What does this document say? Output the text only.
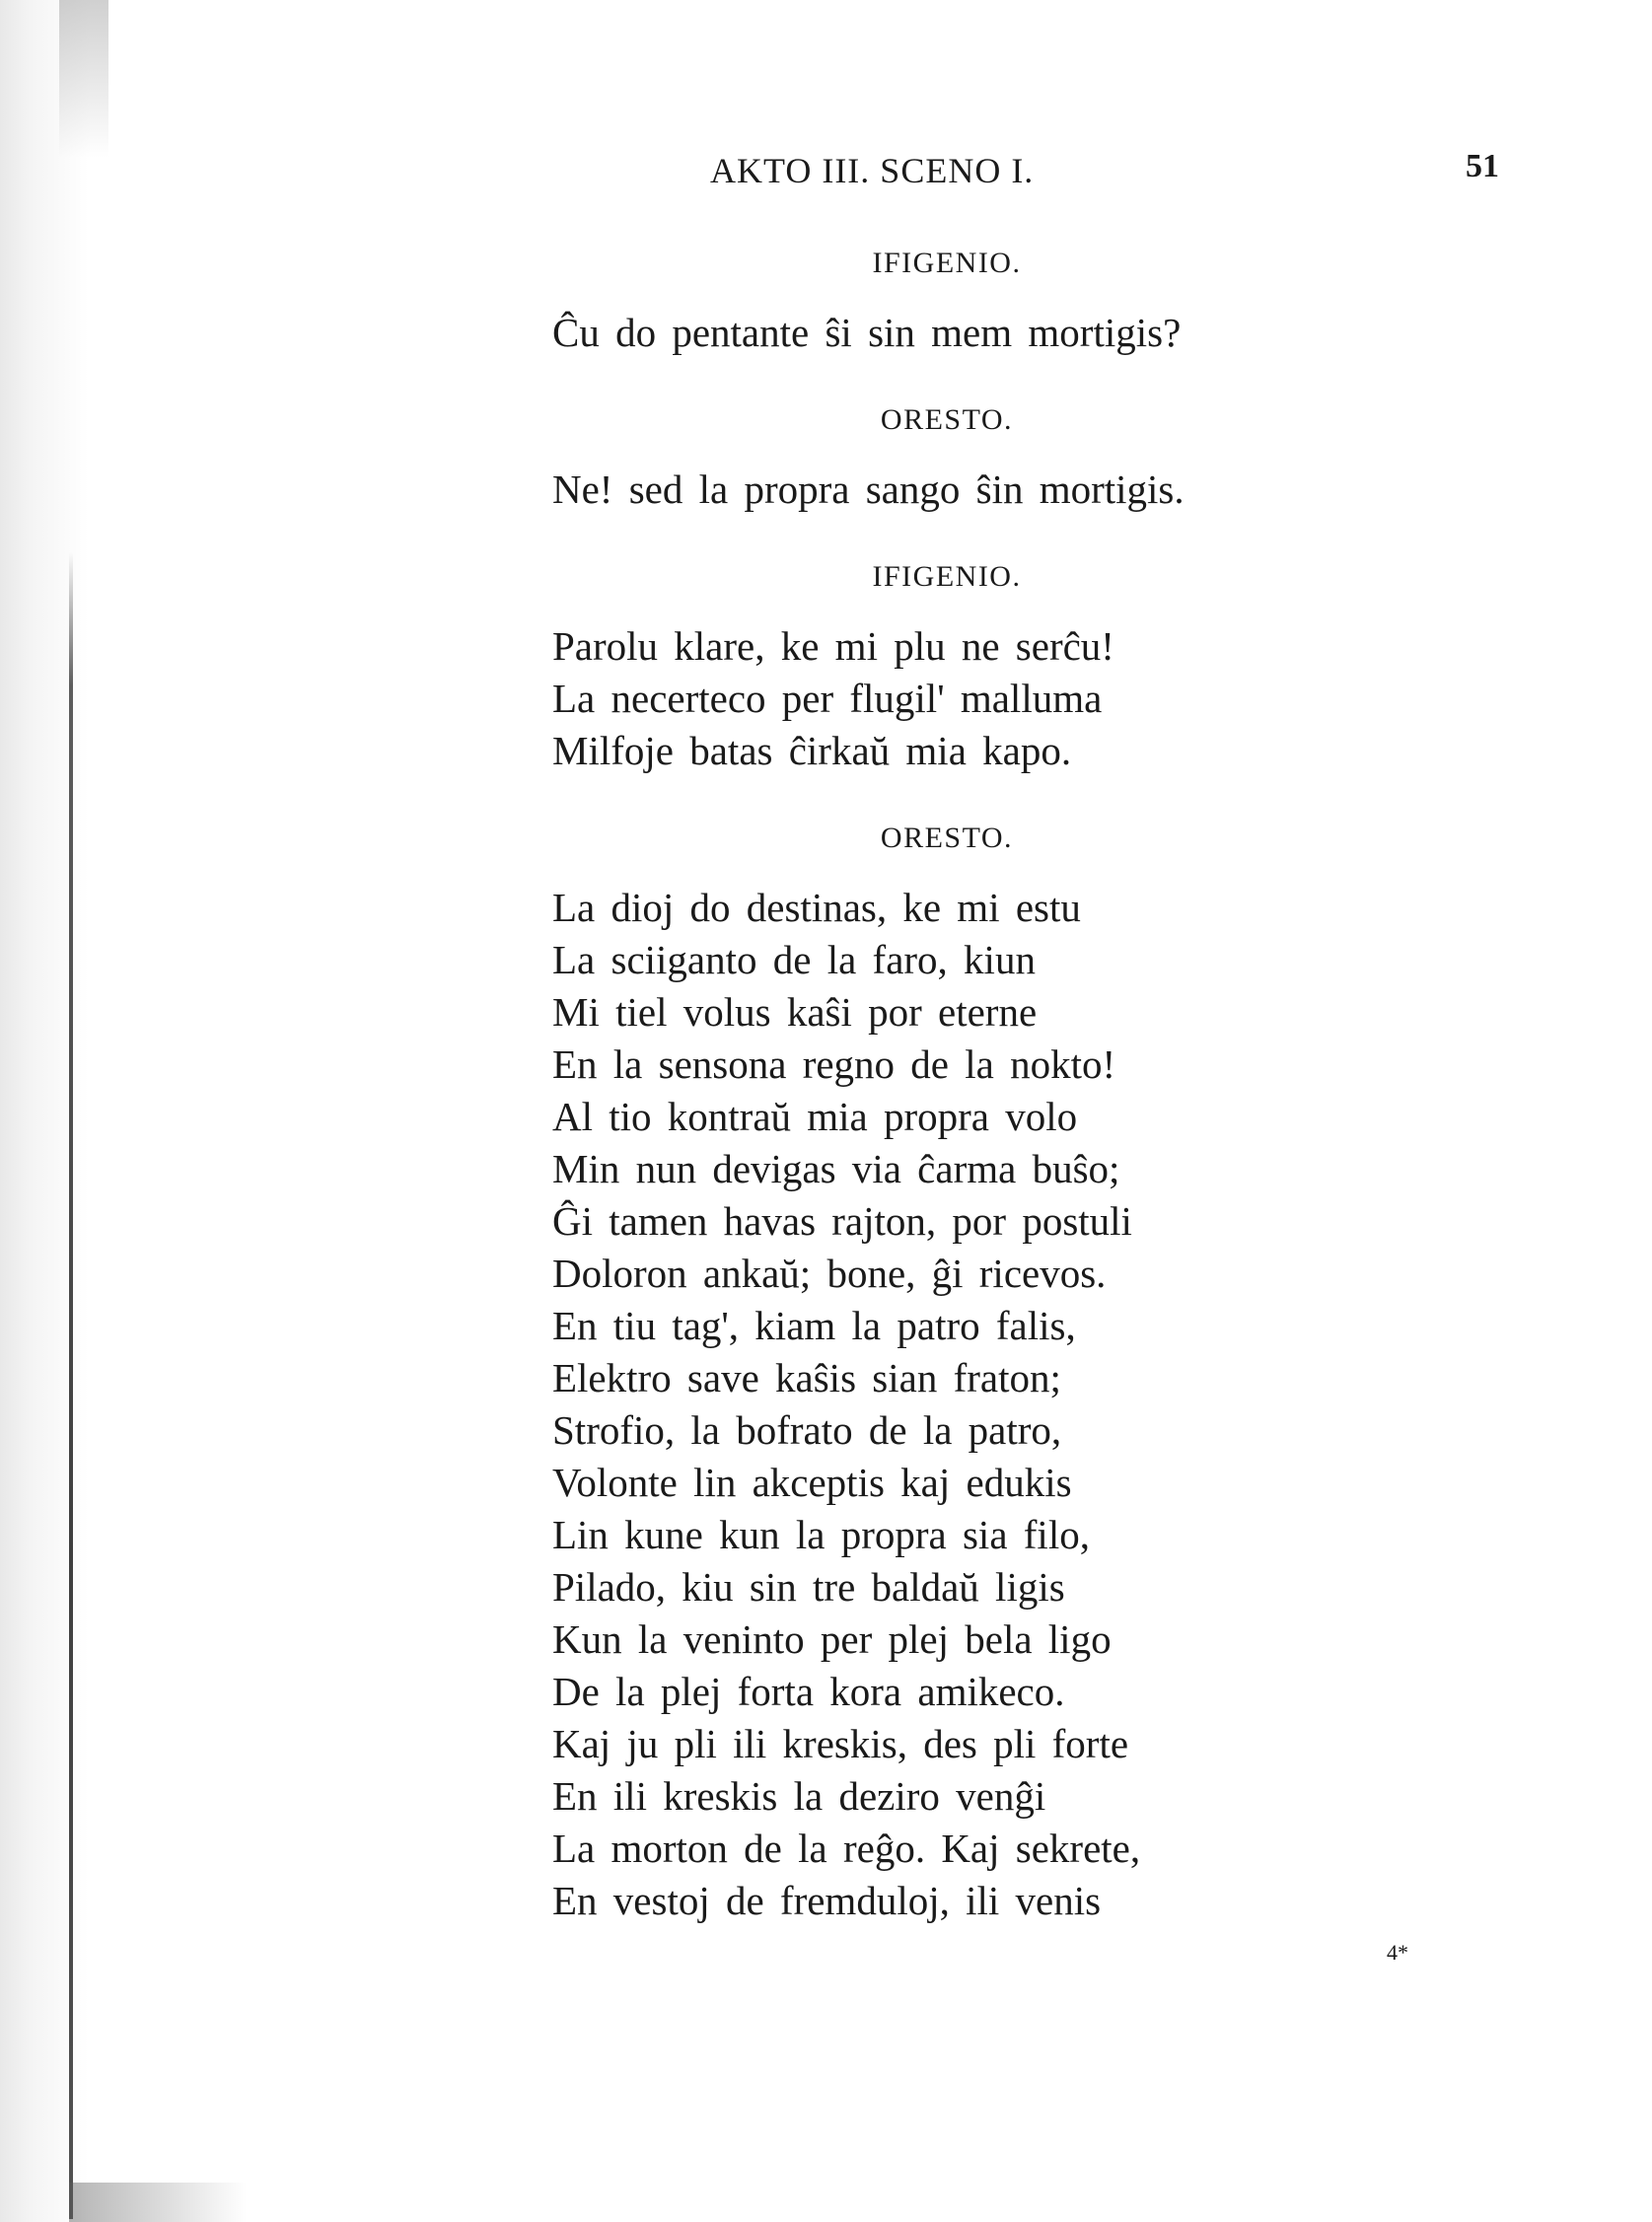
AKTO III. SCENO I.	51

IFIGENIO.

Ĉu do pentante ŝi sin mem mortigis?

ORESTO.

Ne! sed la propra sango ŝin mortigis.

IFIGENIO.

Parolu klare, ke mi plu ne serĉu!

La necerteco per flugil' malluma

Milfoje batas ĉirkaŭ mia kapo.

ORESTO.

La dioj do destinas, ke mi estu

La sciiganto de la faro, kiun

Mi tiel volus kaŝi por eterne

En la sensona regno de la nokto!

Al tio kontraŭ mia propra volo

Min nun devigas via ĉarma buŝo;

Ĝi tamen havas rajton, por postuli

Doloron ankaŭ; bone, ĝi ricevos.

En tiu tag', kiam la patro falis,

Elektro save kaŝis sian fraton;

Strofio, la bofrato de la patro,

Volonte lin akceptis kaj edukis

Lin kune kun la propra sia filo,

Pilado, kiu sin tre baldaŭ ligis

Kun la veninto per plej bela ligo

De la plej forta kora amikeco.

Kaj ju pli ili kreskis, des pli forte

En ili kreskis la deziro venĝi

La morton de la reĝo. Kaj sekrete,

En vestoj de fremduloj, ili venis

4*
